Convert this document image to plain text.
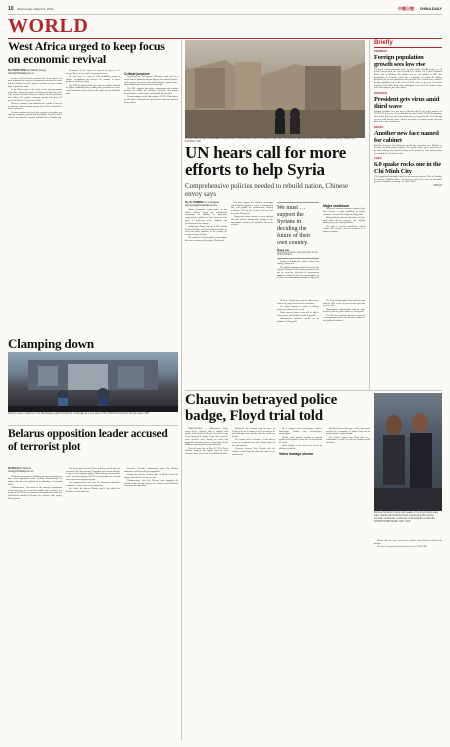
10 Wednesday, March 9, 2022	中國日報 CHINA DAILY
WORLD
West Africa urged to keep focus on economic revival
By OTIATO OPALI in Nairobi, Kenya
otiato@chinadaily.com.cn

Leaders of West African countries have been urged to do more to protect the increase in coronavirus infections to ensure that the prospects for the region's economic recovery remain high, experts have said.

At the 22nd session of the heads of state and government of the West African Economic and Monetary Union last week, Côte d'Ivoire President Alassane Ouattara said the pandemic had slashed the region's economic growth rate from 6.6 percent in 2019 to 1.8 percent in 2020.

However, Ouattara, who addressed the session in his role as chairman, said economic growth rate in 2021 rebounded to above 5 percent.

We must continue and accelerate reforms to strengthen our capacity to produce pharmaceutical products, vaccines, and to enhance our collective response to health crises, Ouattara said.

Economies in the region are expected to grow at 6.3 percent this year as a result of ongoing recovery.

He said there is a need to keep mobilizing efforts to finance vaccinations and increase the number of doses produced within the region.

The IMF has projected that the recovery would be boosted by higher commodity prices, adding that a potential new wave of the pandemic and insecurity in the region are key downside risks.

Critical juncture

Separately, the International Monetary Fund said in a report that the pandemic has put Nigeria at a critical juncture, as the country entered the crisis with lifting per capita income, high inflation and persistent fiscal challenges.

The IMF suggests that policy adjustments and reforms designed to unlock the country's potential, and greater diversification, would ensure a sustainable growth path.

We must support in the fight against COVID-19 and invest for the future, noting that the government could not afford to delay reforms.

Clamping down
Workers clean a machine in the Mauritanian capital Nouakchott on Monday as a new wave of the COVID-19 pandemic hits the region. AFP
Belarus opposition leader accused of terrorist plot
By REN QI in Moscow
renqi@chinadaily.com.cn

Belarusian prosecutors on Monday opened an investigation into exiled opposition leader Svetlana Tikhanovskaya on charges that she was involved in the planning of a terrorist attack.

Tikhanovskaya, who stood in the country's presidential election last year, was accused alongside some members of a group called DVOK, an association of opposition former law enforcement officials in Belarus, the country's state agency Belta reported.

The Prosecutor-General's Office of Belarus said it had sent requests to the State Security Committee and interior ministry to open an investigation against Tikhanovskaya and members of the so-called initiative BYPOL for preparation for terrorist acts as part of an organized group.

The announcement came after the Belarusian authorities conducted a search of the exiled opposition.

On Friday, the Interior Ministry said it had added the initiative to its terrorist list.

President Alexander Lukashenko said: The Belarus authorities will not let this go unpunished.

Lukashenko and his wealthy allies in Minsk denied the charges and said the election was fair.

Tikhanovskaya, who fled Belarus after disputing the official results, said the charges were baseless and fabricated to pressure the opposition.

Women walk through a devastated neighborhood in Syria's Idlib Province on March 12 last year. The province has seen some of the war's heaviest fighting. OMAR HAJ KADOUR / AFP
UN hears call for more efforts to help Syria
Comprehensive policies needed to rebuild nation, Chinese envoy says
By LIU YINMENG in Los Angeles
liuyinmeng@chinadailyusa.com

China's permanent representative to the United Nations urged the international community on Monday to implement comprehensive policies to help Syria meet the goals of achieving peace, stability and development in the country.

Ambassador Zhang Jun told a UN Security Council briefing on the humanitarian situation in Syria that many problems in the country are worthy of deep reflection.

The conflict in Syria has taken a tremendous toll on the country and its people, Zhang said.

We must support the national sovereignty and territorial integrity, a series of international law, and uphold the unanimously adopted resolution 2254 by the council, and cut with terrorism, Zhang said.

Zhang said regime change is not a solution and that without fundamental change in the humanitarian situation, the problems will not be resolved.

We must … support the Syrians in deciding the future of their own country.
Zhang Jun
China's permanent representative to the United Nations

Syrians in deciding the future of their own country, Zhang said.

The global community should also help Syria fight the deadlock of the Syrian government, and put the cross-line deliveries of humanitarian supplies to northwest Syria in a meaningful way to ensure the humanitarian situation is improved.

Major roadblock

Unilateral sanctions measures against Syria have become a major roadblock to Syria's economic and social development, Zhang said.

Zhang said governments and parties of Syria must make greater progress, and regional stability is key to a lasting solution.

The right to exercise self-defense, which enabled the Council, must be resolved as a matter of priority.

Of those, Zhang said, must be addressed to achieve the progress of peaceful resolution.

We cannot continue to watch as ordinary people go without food, he said.

China sincerely hopes Syria will be able to restore peace and stability as soon as possible.

Humanitarian assistance should not be politicized, Zhang said.

The Syria Humanitarian Fund said the main fund for 2022 is now 50 percent more than last year, he said.

Humanitarian organizations said the main needs in Syria are greater than ever, Zhang said.

The UN envoy said the situation in Syria is at a crossroads and the Council must continue to seek political solutions.

Chauvin betrayed police badge, Floyd trial told

MINNEAPOLIS — Minneapolis police officer Derek Chauvin, who is charged with murder in the death of African American George Floyd, betrayed the badge of his office when he used excessive force during an arrest that triggered worldwide protests, a prosecutor said on Monday in opening statements of his trial.

You will learn that on May 25, 2020, Derek Chauvin betrayed this badge when he used excessive force, prosecutor Jerry Blackwell said.

Blackwell said Chauvin kept his knee on Floyd's neck for 9 minutes and 29 seconds as he lay handcuffed and pleaded that he could not breathe.

The murder trial of Chauvin, a white officer, is seen as a landmark case in the United States on race and policing.

Chauvin's attorney Eric Nelson said the evidence would show his client did what he was trained to do.

He is charged with second-degree murder, third-degree murder and second-degree manslaughter.

Floyd's death sparked months of protests against racial injustice across the US and around the world.

Video footage of the arrest was viewed by millions worldwide.

Video footage shown

Blackwell showed the jury a video of the arrest recorded by a bystander, in which Floyd can be heard saying he cannot breathe.

The defense argued that Floyd died of a combination of drug use and pre-existing health conditions.

Attorney Benjamin Crump (left), leader of the Floyd family legal team, stands with Philonise Floyd (center) and other family members outside the courthouse in Minneapolis on Monday. CHRISTOPHER MARK JUHL / AFP
Briefly
GERMANY
Foreign population growth sees low rise
Germany's foreign population grew by only about 300,000 people, or 2.8 percent year-on-year, the lowest growth in a decade, the Federal Statistical Office said on Monday. The number rose to 11.8 million in 2021. Net immigration to Germany, which has a population of around 83 million, plunged by 41 percent compared to the previous year. Growth of the country's foreign population fell to the level of 2010, when it grew by 1.6 percent compared with 2020. Most of the immigrants came from EU member states and Asian countries, the office added.
PAKISTAN
President gets virus amid third wave
Pakistan President Arif Alvi said on Monday that he has tested positive for COVID-19. In a tweet, Alvi said he had developed mild COVID-19 symptoms. Alvi said he had received booster shots and was in good health. Alvi, who had received both vaccine doses, advised the public to remain careful amid the third wave of the coronavirus.
BRAZIL
Another new face named for cabinet
Brazilian President Jair Bolsonaro on Monday appointed new Minister of Tourism, his third tourism minister. The minister takes up the post after the previous minister was named secretary of the presidency. The announcement was made by the President's office.
CHILE
6.0 quake rocks one in the Chi Minh City
A 6.0 magnitude earthquake struck off the coast of northern Chile on Monday, the country's National Office of Emergency said. There were no immediate reports of casualties or damage, the office added.
XINHUA

Nelson said the jury would hear evidence that Chauvin followed his training.

The trial is expected to last about four weeks. AGENCIES
